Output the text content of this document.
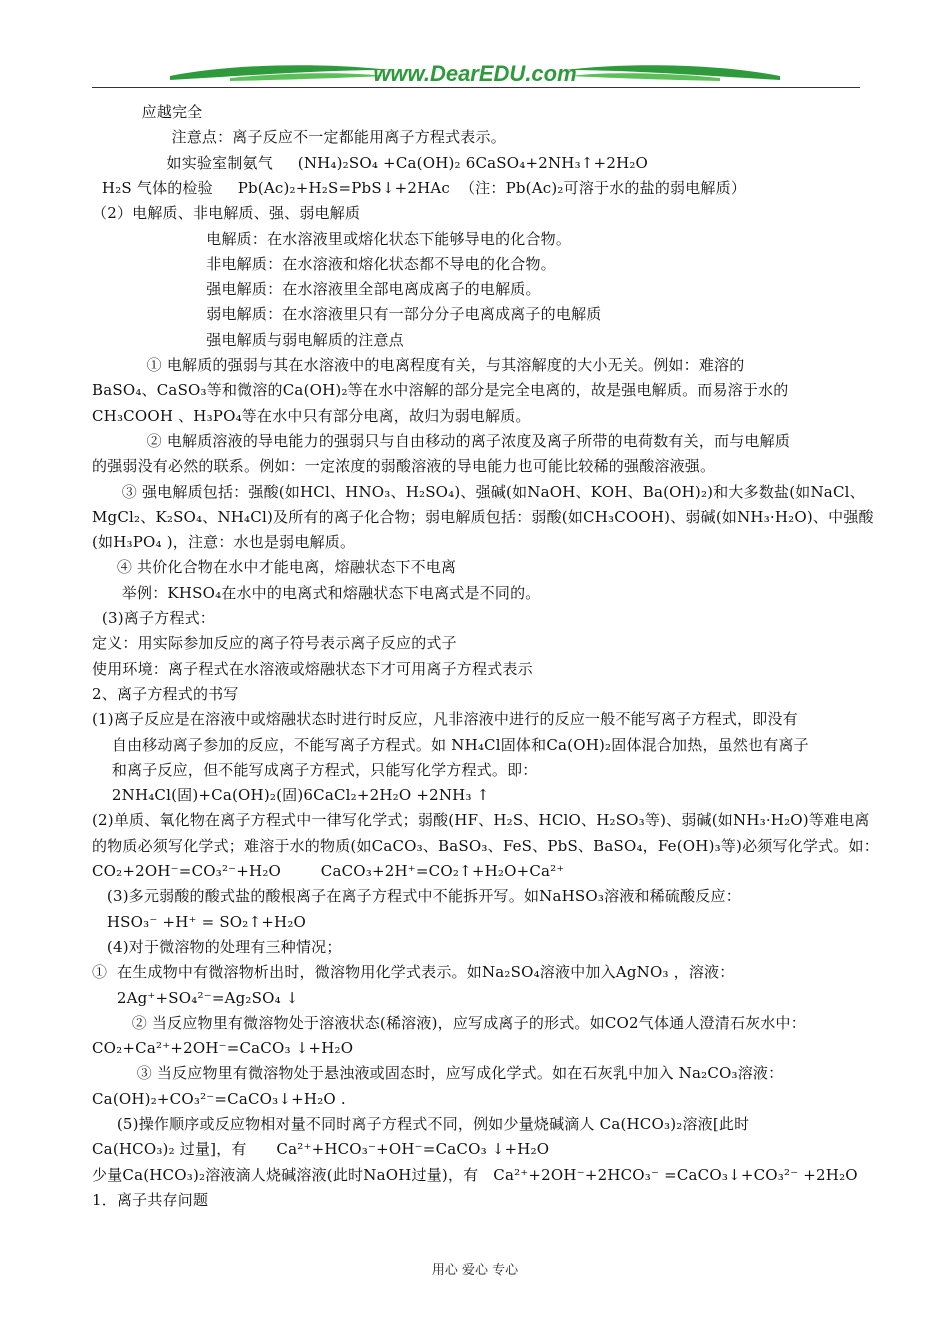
www.DearEDU.com
应越完全
注意点：离子反应不一定都能用离子方程式表示。
如实验室制氨气     (NH₄)₂SO₄ +Ca(OH)₂ 6CaSO₄+2NH₃↑+2H₂O
H₂S 气体的检验     Pb(Ac)₂+H₂S=PbS↓+2HAc  （注：Pb(Ac)₂可溶于水的盐的弱电解质）
（2）电解质、非电解质、强、弱电解质
电解质：在水溶液里或熔化状态下能够导电的化合物。
非电解质：在水溶液和熔化状态都不导电的化合物。
强电解质：在水溶液里全部电离成离子的电解质。
弱电解质：在水溶液里只有一部分分子电离成离子的电解质
强电解质与弱电解质的注意点
① 电解质的强弱与其在水溶液中的电离程度有关，与其溶解度的大小无关。例如：难溶的
BaSO₄、CaSO₃等和微溶的Ca(OH)₂等在水中溶解的部分是完全电离的，故是强电解质。而易溶于水的
CH₃COOH 、H₃PO₄等在水中只有部分电离，故归为弱电解质。
② 电解质溶液的导电能力的强弱只与自由移动的离子浓度及离子所带的电荷数有关，而与电解质
的强弱没有必然的联系。例如：一定浓度的弱酸溶液的导电能力也可能比较稀的强酸溶液强。
③ 强电解质包括：强酸(如HCl、HNO₃、H₂SO₄)、强碱(如NaOH、KOH、Ba(OH)₂)和大多数盐(如NaCl、
MgCl₂、K₂SO₄、NH₄Cl)及所有的离子化合物；弱电解质包括：弱酸(如CH₃COOH)、弱碱(如NH₃·H₂O)、中强酸
(如H₃PO₄ )，注意：水也是弱电解质。
④ 共价化合物在水中才能电离，熔融状态下不电离
举例：KHSO₄在水中的电离式和熔融状态下电离式是不同的。
(3)离子方程式：
定义：用实际参加反应的离子符号表示离子反应的式子
使用环境：离子程式在水溶液或熔融状态下才可用离子方程式表示
2、离子方程式的书写
(1)离子反应是在溶液中或熔融状态时进行时反应，凡非溶液中进行的反应一般不能写离子方程式，即没有
自由移动离子参加的反应，不能写离子方程式。如 NH₄Cl固体和Ca(OH)₂固体混合加热，虽然也有离子
和离子反应，但不能写成离子方程式，只能写化学方程式。即：
2NH₄Cl(固)+Ca(OH)₂(固)6CaCl₂+2H₂O +2NH₃ ↑
(2)单质、氧化物在离子方程式中一律写化学式；弱酸(HF、H₂S、HClO、H₂SO₃等)、弱碱(如NH₃·H₂O)等难电离
的物质必须写化学式；难溶于水的物质(如CaCO₃、BaSO₃、FeS、PbS、BaSO₄，Fe(OH)₃等)必须写化学式。如：
CO₂+2OH⁻=CO₃²⁻+H₂O        CaCO₃+2H⁺=CO₂↑+H₂O+Ca²⁺
(3)多元弱酸的酸式盐的酸根离子在离子方程式中不能拆开写。如NaHSO₃溶液和稀硫酸反应：
HSO₃⁻ +H⁺ = SO₂↑+H₂O
(4)对于微溶物的处理有三种情况；
①  在生成物中有微溶物析出时，微溶物用化学式表示。如Na₂SO₄溶液中加入AgNO₃ ，溶液：
2Ag⁺+SO₄²⁻=Ag₂SO₄ ↓
② 当反应物里有微溶物处于溶液状态(稀溶液)，应写成离子的形式。如CO2气体通人澄清石灰水中：
CO₂+Ca²⁺+2OH⁻=CaCO₃ ↓+H₂O
③ 当反应物里有微溶物处于悬浊液或固态时，应写成化学式。如在石灰乳中加入 Na₂CO₃溶液：
Ca(OH)₂+CO₃²⁻=CaCO₃↓+H₂O .
(5)操作顺序或反应物相对量不同时离子方程式不同，例如少量烧碱滴人 Ca(HCO₃)₂溶液[此时
Ca(HCO₃)₂ 过量]，有      Ca²⁺+HCO₃⁻+OH⁻=CaCO₃ ↓+H₂O
少量Ca(HCO₃)₂溶液滴人烧碱溶液(此时NaOH过量)，有   Ca²⁺+2OH⁻+2HCO₃⁻ =CaCO₃↓+CO₃²⁻ +2H₂O
1．离子共存问题
用心 爱心 专心
